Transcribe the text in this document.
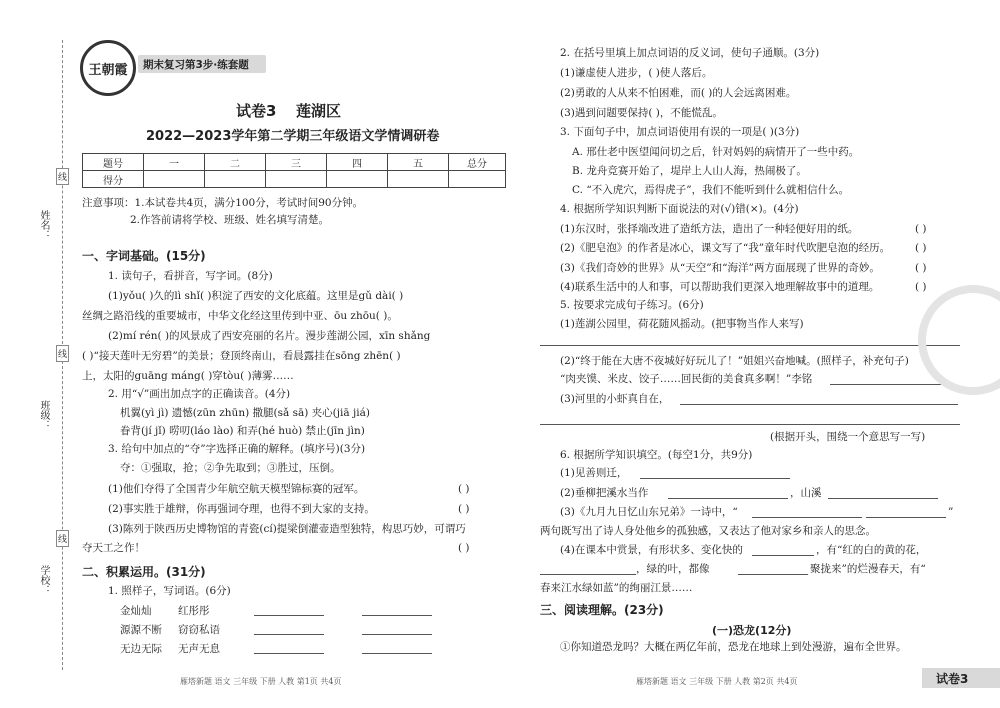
姓名：
班级：
学校：
线
线
线
王朝霞 期末复习第3步·练套题
试卷3 莲湖区
2022—2023学年第二学期三年级语文学情调研卷
题号	一	二	三	四	五	总分
得分						
注意事项：1.本试卷共4页，满分100分，考试时间90分钟。
2.作答前请将学校、班级、姓名填写清楚。
一、字词基础。(15分)
1. 读句子，看拼音，写字词。(8分)
(1)yǒu( )久的lì shǐ( )积淀了西安的文化底蕴。这里是gǔ dài( )
丝绸之路沿线的重要城市，中华文化经这里传到中亚、ōu zhōu( )。
(2)mí rén( )的风景成了西安亮丽的名片。漫步莲湖公园，xīn shǎng
( )“接天莲叶无穷碧”的美景；登顶终南山，看晨露挂在sōng zhēn( )
上，太阳的guāng máng( )穿tòu( )薄雾……
2. 用“√”画出加点字的正确读音。(4分)
机翼(yì jì) 遗憾(zūn zhūn) 撒腿(sǎ sā) 夹心(jiā jiá)
眷背(jí jǐ) 唠叨(láo lào) 和弄(hé huò) 禁止(jīn jìn)
3. 给句中加点的“夺”字选择正确的解释。(填序号)(3分)
夺：①强取，抢；②争先取到；③胜过，压倒。
(1)他们夺得了全国青少年航空航天模型锦标赛的冠军。	( )
(2)事实胜于雄辩，你再强词夺理，也得不到大家的支持。	( )
(3)陈列于陕西历史博物馆的青瓷(cí)提梁倒灌壶造型独特，构思巧妙，可谓巧
夺天工之作！	( )
二、积累运用。(31分)
1. 照样子，写词语。(6分)
金灿灿	红彤彤
源源不断 窃窃私语
无边无际 无声无息
雁塔新题 语文 三年级 下册 人教 第1页 共4页
2. 在括号里填上加点词语的反义词，使句子通顺。(3分)
(1)谦虚使人进步，( )使人落后。
(2)勇敢的人从来不怕困难，而( )的人会远离困难。
(3)遇到问题要保持( )，不能慌乱。
3. 下面句子中，加点词语使用有误的一项是( )(3分)
A. 邢仕老中医望闻问切之后，针对妈妈的病情开了一些中药。
B. 龙舟竞赛开始了，堤岸上人山人海，热闹极了。
C. “不入虎穴，焉得虎子”，我们不能听到什么就相信什么。
4. 根据所学知识判断下面说法的对(√)错(×)。(4分)
(1)东汉时，张择端改进了造纸方法，造出了一种轻便好用的纸。	( )
(2)《肥皂泡》的作者是冰心，课文写了“我”童年时代吹肥皂泡的经历。 ( )
(3)《我们奇妙的世界》从“天空”和“海洋”两方面展现了世界的奇妙。	( )
(4)联系生活中的人和事，可以帮助我们更深入地理解故事中的道理。	( )
5. 按要求完成句子练习。(6分)
(1)莲湖公园里，荷花随风摇动。(把事物当作人来写)
(2)“终于能在大唐不夜城好好玩儿了！”姐姐兴奋地喊。(照样子，补充句子)
“肉夹馍、米皮、饺子……回民街的美食真多啊！”李铭
(3)河里的小虾真自在，
(根据开头，围绕一个意思写一写)
6. 根据所学知识填空。(每空1分，共9分)
(1)见善则迁，
(2)垂柳把溪水当作	，山溪
(3)《九月九日忆山东兄弟》一诗中，“	”
两句既写出了诗人身处他乡的孤独感，又表达了他对家乡和亲人的思念。
(4)在课本中赏景，有形状多、变化快的	，有“红的白的黄的花，
，绿的叶，都像	聚拢来”的烂漫春天，有“
春来江水绿如蓝”的绚丽江景……
三、阅读理解。(23分)
(一)恐龙(12分)
①你知道恐龙吗？大概在两亿年前，恐龙在地球上到处漫游，遍布全世界。
雁塔新题 语文 三年级 下册 人教 第2页 共4页	试卷3
